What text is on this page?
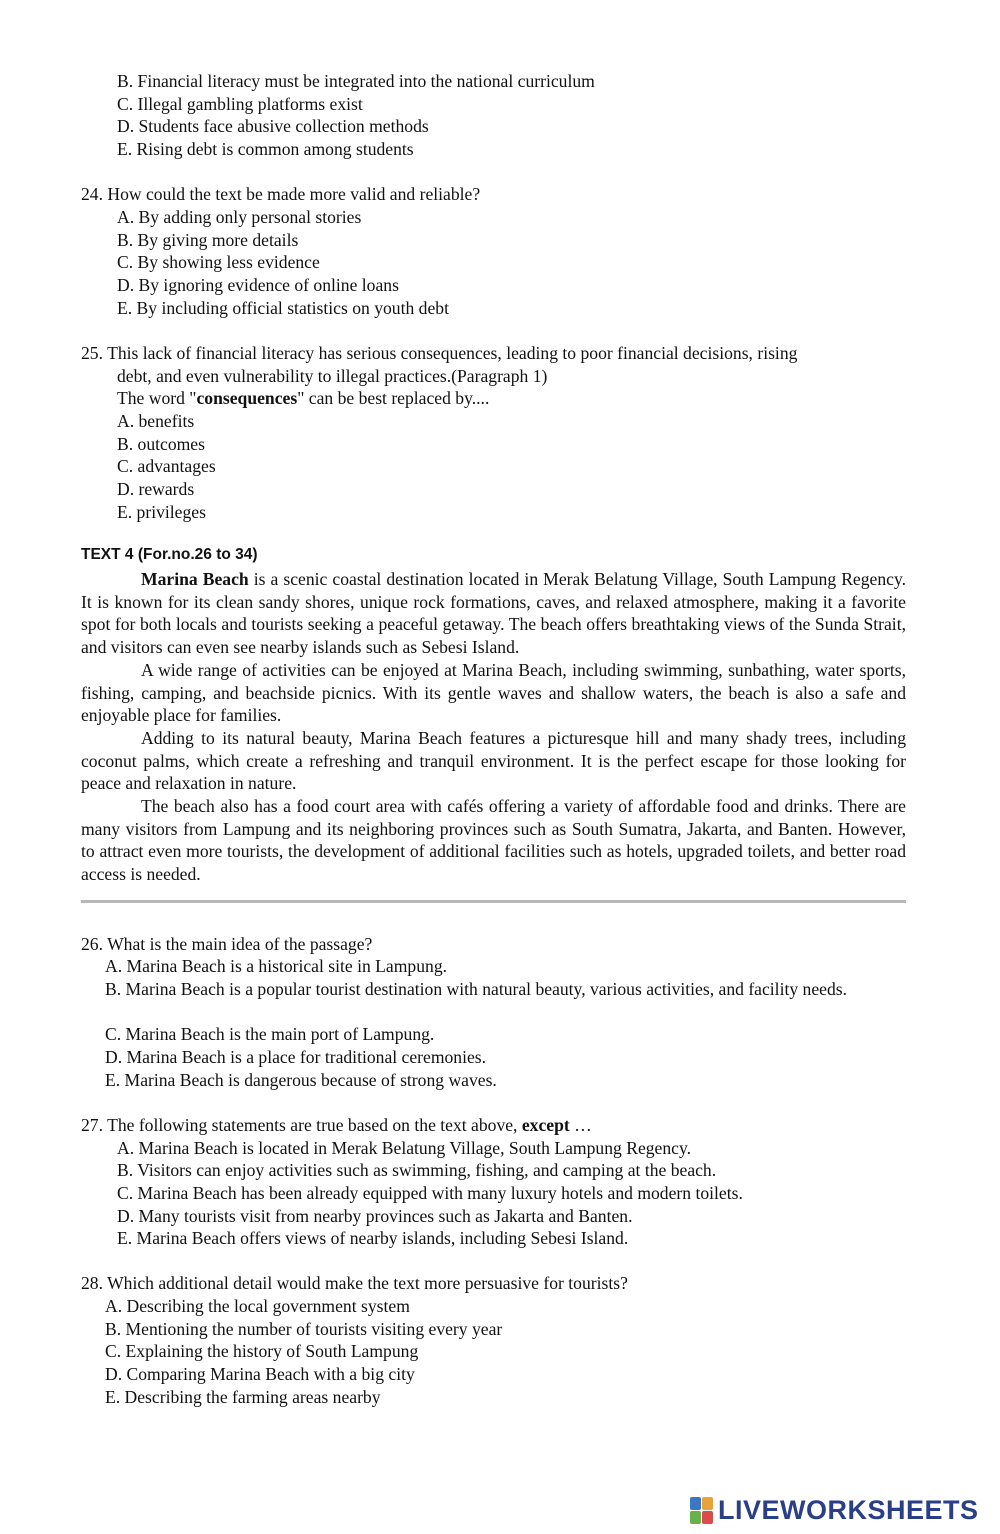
B. Financial literacy must be integrated into the national curriculum
C. Illegal gambling platforms exist
D. Students face abusive collection methods
E. Rising debt is common among students
24. How could the text be made more valid and reliable?
A. By adding only personal stories
B. By giving more details
C. By showing less evidence
D. By ignoring evidence of online loans
E. By including official statistics on youth debt
25. This lack of financial literacy has serious consequences, leading to poor financial decisions, rising
debt, and even vulnerability to illegal practices.(Paragraph 1)
The word "consequences" can be best replaced by....
A. benefits
B. outcomes
C. advantages
D. rewards
E. privileges
TEXT 4 (For.no.26 to 34)

Marina Beach is a scenic coastal destination located in Merak Belatung Village, South Lampung Regency. It is known for its clean sandy shores, unique rock formations, caves, and relaxed atmosphere, making it a favorite spot for both locals and tourists seeking a peaceful getaway. The beach offers breathtaking views of the Sunda Strait, and visitors can even see nearby islands such as Sebesi Island.

A wide range of activities can be enjoyed at Marina Beach, including swimming, sunbathing, water sports, fishing, camping, and beachside picnics. With its gentle waves and shallow waters, the beach is also a safe and enjoyable place for families.

Adding to its natural beauty, Marina Beach features a picturesque hill and many shady trees, including coconut palms, which create a refreshing and tranquil environment. It is the perfect escape for those looking for peace and relaxation in nature.

The beach also has a food court area with cafés offering a variety of affordable food and drinks. There are many visitors from Lampung and its neighboring provinces such as South Sumatra, Jakarta, and Banten. However, to attract even more tourists, the development of additional facilities such as hotels, upgraded toilets, and better road access is needed.

26. What is the main idea of the passage?
A. Marina Beach is a historical site in Lampung.
B. Marina Beach is a popular tourist destination with natural beauty, various activities, and facility needs.
C. Marina Beach is the main port of Lampung.
D. Marina Beach is a place for traditional ceremonies.
E. Marina Beach is dangerous because of strong waves.
27. The following statements are true based on the text above, except …
A. Marina Beach is located in Merak Belatung Village, South Lampung Regency.
B. Visitors can enjoy activities such as swimming, fishing, and camping at the beach.
C. Marina Beach has been already equipped with many luxury hotels and modern toilets.
D. Many tourists visit from nearby provinces such as Jakarta and Banten.
E. Marina Beach offers views of nearby islands, including Sebesi Island.
28. Which additional detail would make the text more persuasive for tourists?
A. Describing the local government system
B. Mentioning the number of tourists visiting every year
C. Explaining the history of South Lampung
D. Comparing Marina Beach with a big city
E. Describing the farming areas nearby
LIVEWORKSHEETS
